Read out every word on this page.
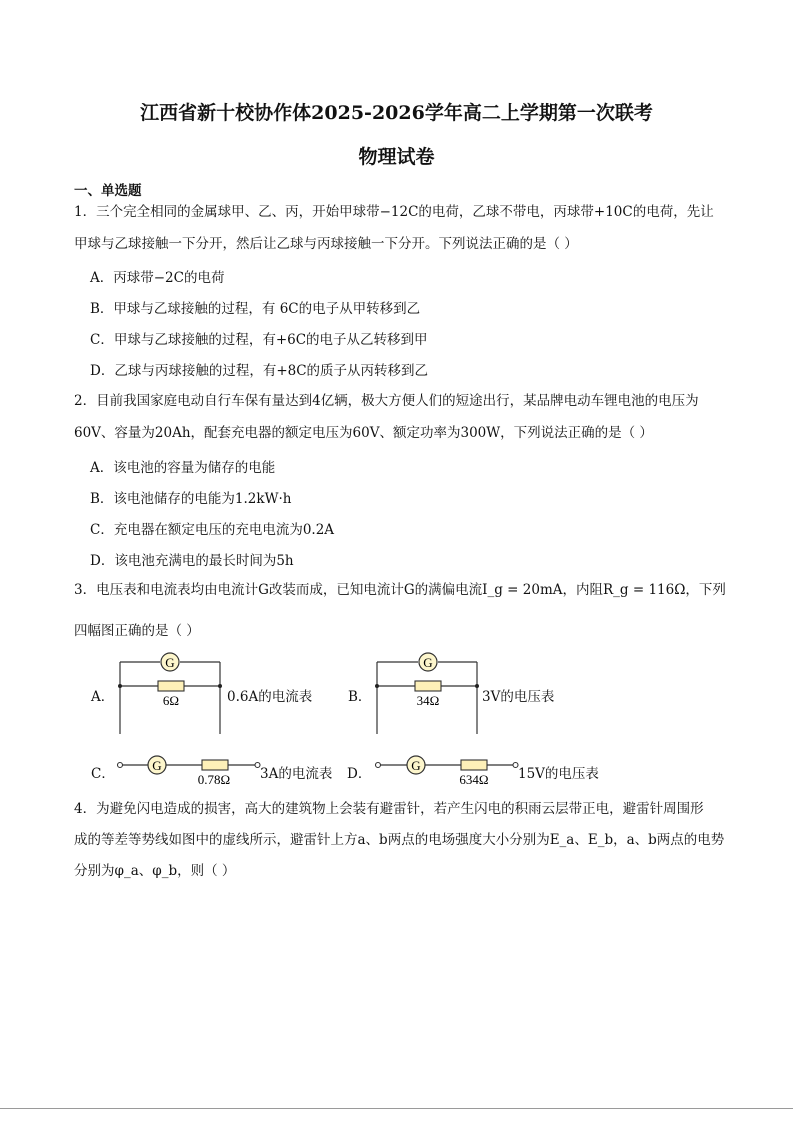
江西省新十校协作体2025-2026学年高二上学期第一次联考
物理试卷
一、单选题
1．三个完全相同的金属球甲、乙、丙，开始甲球带−12C的电荷，乙球不带电，丙球带+10C的电荷，先让
甲球与乙球接触一下分开，然后让乙球与丙球接触一下分开。下列说法正确的是（ ）
A．丙球带−2C的电荷
B．甲球与乙球接触的过程，有 6C的电子从甲转移到乙
C．甲球与乙球接触的过程，有+6C的电子从乙转移到甲
D．乙球与丙球接触的过程，有+8C的质子从丙转移到乙
2．目前我国家庭电动自行车保有量达到4亿辆，极大方便人们的短途出行，某品牌电动车锂电池的电压为
60V、容量为20Ah，配套充电器的额定电压为60V、额定功率为300W，下列说法正确的是（ ）
A．该电池的容量为储存的电能
B．该电池储存的电能为1.2kW·h
C．充电器在额定电压的充电电流为0.2A
D．该电池充满电的最长时间为5h
3．电压表和电流表均由电流计G改装而成，已知电流计G的满偏电流I_g = 20mA，内阻R_g = 116Ω，下列
四幅图正确的是（ ）
A．
G
6Ω	0.6A的电流表	B．
G
34Ω	3V的电压表
C．
G
0.78Ω 3A的电流表 D．
G
634Ω 15V的电压表
4．为避免闪电造成的损害，高大的建筑物上会装有避雷针，若产生闪电的积雨云层带正电，避雷针周围形
成的等差等势线如图中的虚线所示，避雷针上方a、b两点的电场强度大小分别为E_a、E_b，a、b两点的电势
分别为φ_a、φ_b，则（ ）
